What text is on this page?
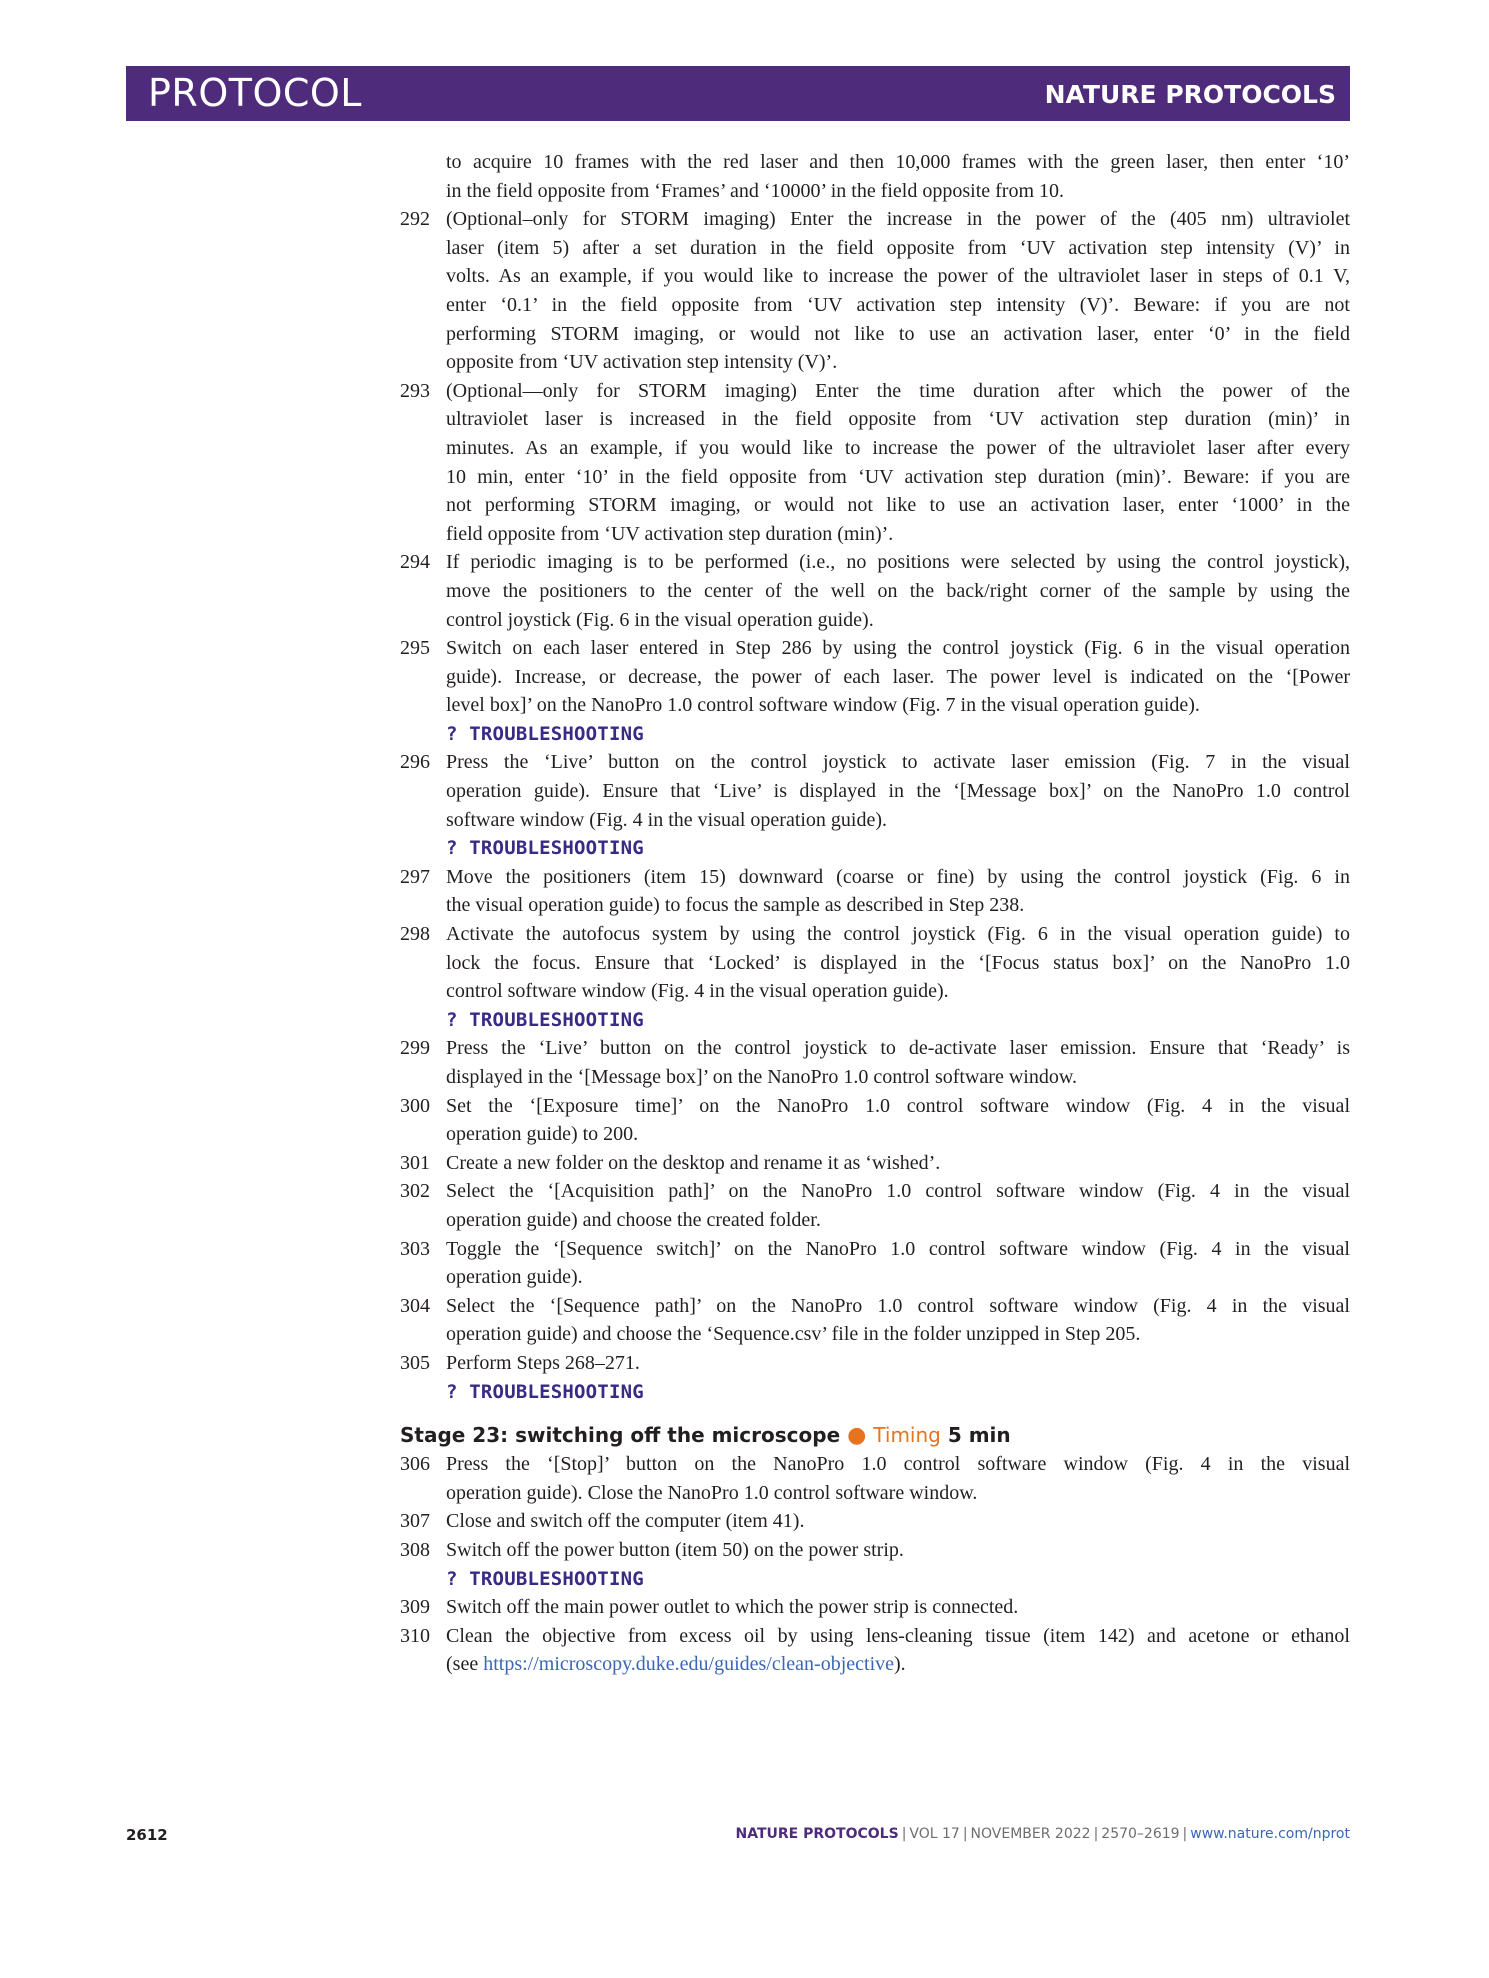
PROTOCOL	NATURE PROTOCOLS
to acquire 10 frames with the red laser and then 10,000 frames with the green laser, then enter ‘10’
in the field opposite from ‘Frames’ and ‘10000’ in the field opposite from 10.
292 (Optional–only for STORM imaging) Enter the increase in the power of the (405 nm) ultraviolet
laser (item 5) after a set duration in the field opposite from ‘UV activation step intensity (V)’ in
volts. As an example, if you would like to increase the power of the ultraviolet laser in steps of 0.1 V,
enter ‘0.1’ in the field opposite from ‘UV activation step intensity (V)’. Beware: if you are not
performing STORM imaging, or would not like to use an activation laser, enter ‘0’ in the field
opposite from ‘UV activation step intensity (V)’.
293 (Optional—only for STORM imaging) Enter the time duration after which the power of the
ultraviolet laser is increased in the field opposite from ‘UV activation step duration (min)’ in
minutes. As an example, if you would like to increase the power of the ultraviolet laser after every
10 min, enter ‘10’ in the field opposite from ‘UV activation step duration (min)’. Beware: if you are
not performing STORM imaging, or would not like to use an activation laser, enter ‘1000’ in the
field opposite from ‘UV activation step duration (min)’.
294 If periodic imaging is to be performed (i.e., no positions were selected by using the control joystick),
move the positioners to the center of the well on the back/right corner of the sample by using the
control joystick (Fig. 6 in the visual operation guide).
295 Switch on each laser entered in Step 286 by using the control joystick (Fig. 6 in the visual operation
guide). Increase, or decrease, the power of each laser. The power level is indicated on the ‘[Power
level box]’ on the NanoPro 1.0 control software window (Fig. 7 in the visual operation guide).
? TROUBLESHOOTING
296 Press the ‘Live’ button on the control joystick to activate laser emission (Fig. 7 in the visual
operation guide). Ensure that ‘Live’ is displayed in the ‘[Message box]’ on the NanoPro 1.0 control
software window (Fig. 4 in the visual operation guide).
? TROUBLESHOOTING
297 Move the positioners (item 15) downward (coarse or fine) by using the control joystick (Fig. 6 in
the visual operation guide) to focus the sample as described in Step 238.
298 Activate the autofocus system by using the control joystick (Fig. 6 in the visual operation guide) to
lock the focus. Ensure that ‘Locked’ is displayed in the ‘[Focus status box]’ on the NanoPro 1.0
control software window (Fig. 4 in the visual operation guide).
? TROUBLESHOOTING
299 Press the ‘Live’ button on the control joystick to de-activate laser emission. Ensure that ‘Ready’ is
displayed in the ‘[Message box]’ on the NanoPro 1.0 control software window.
300 Set the ‘[Exposure time]’ on the NanoPro 1.0 control software window (Fig. 4 in the visual
operation guide) to 200.
301 Create a new folder on the desktop and rename it as ‘wished’.
302 Select the ‘[Acquisition path]’ on the NanoPro 1.0 control software window (Fig. 4 in the visual
operation guide) and choose the created folder.
303 Toggle the ‘[Sequence switch]’ on the NanoPro 1.0 control software window (Fig. 4 in the visual
operation guide).
304 Select the ‘[Sequence path]’ on the NanoPro 1.0 control software window (Fig. 4 in the visual
operation guide) and choose the ‘Sequence.csv’ file in the folder unzipped in Step 205.
305 Perform Steps 268–271.
? TROUBLESHOOTING
Stage 23: switching off the microscope ● Timing 5 min
306 Press the ‘[Stop]’ button on the NanoPro 1.0 control software window (Fig. 4 in the visual
operation guide). Close the NanoPro 1.0 control software window.
307 Close and switch off the computer (item 41).
308 Switch off the power button (item 50) on the power strip.
? TROUBLESHOOTING
309 Switch off the main power outlet to which the power strip is connected.
310 Clean the objective from excess oil by using lens-cleaning tissue (item 142) and acetone or ethanol
(see https://microscopy.duke.edu/guides/clean-objective).
2612	NATURE PROTOCOLS | VOL 17 | NOVEMBER 2022 | 2570–2619 | www.nature.com/nprot
